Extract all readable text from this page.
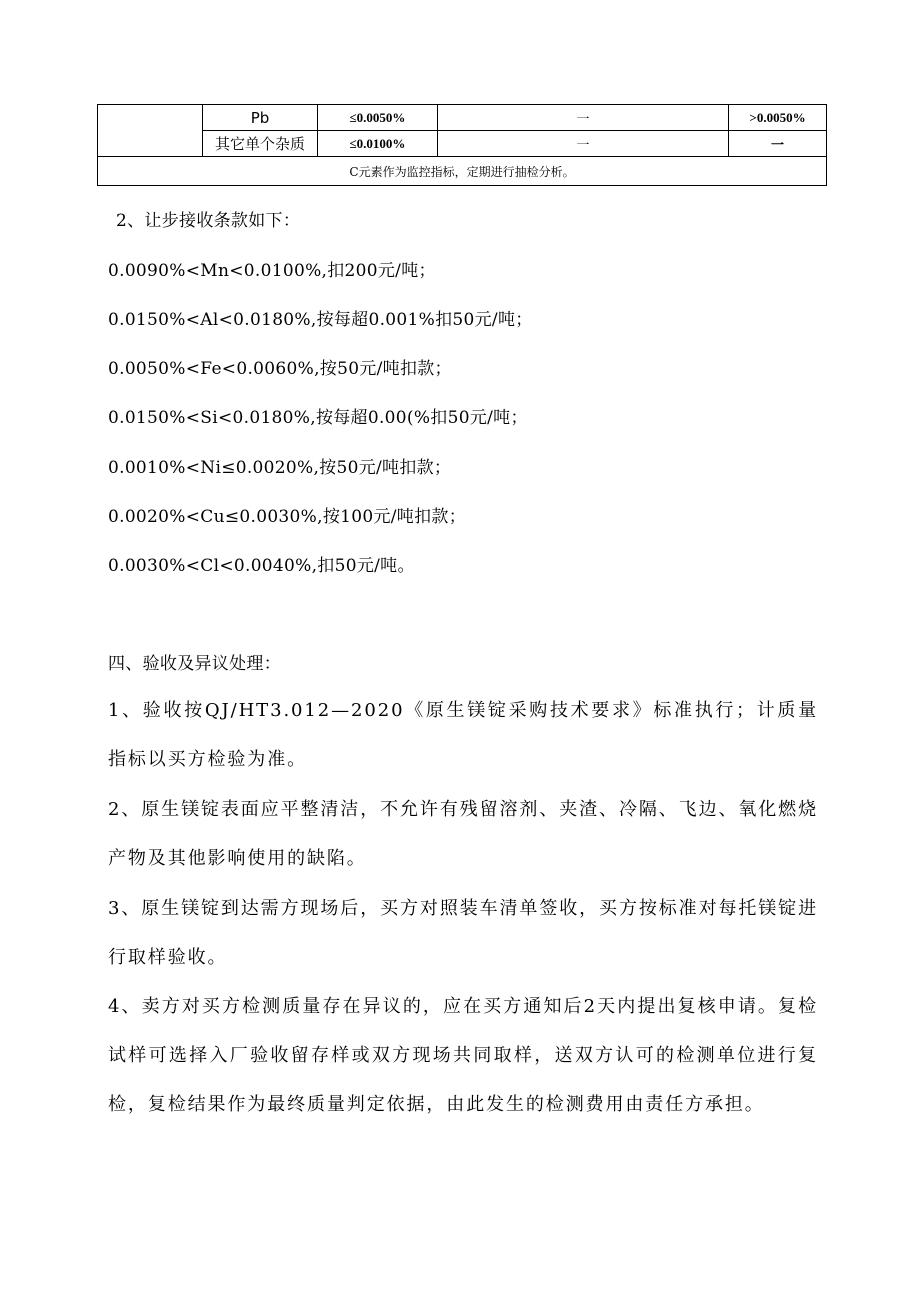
	Pb	≤0.0050%	一	>0.0050%
	其它单个杂质	≤0.0100%	一	一
C元素作为监控指标，定期进行抽检分析。				
2、让步接收条款如下：
0.0090%<Mn<0.0100%,扣200元/吨；
0.0150%<Al<0.0180%,按每超0.001%扣50元/吨；
0.0050%<Fe<0.0060%,按50元/吨扣款；
0.0150%<Si<0.0180%,按每超0.00(%扣50元/吨；
0.0010%<Ni≤0.0020%,按50元/吨扣款；
0.0020%<Cu≤0.0030%,按100元/吨扣款；
0.0030%<Cl<0.0040%,扣50元/吨。
四、验收及异议处理：
1、验收按QJ/HT3.012—2020《原生镁锭采购技术要求》标准执行；计质量指标以买方检验为准。
2、原生镁锭表面应平整清洁，不允许有残留溶剂、夹渣、冷隔、飞边、氧化燃烧产物及其他影响使用的缺陷。
3、原生镁锭到达需方现场后，买方对照装车清单签收，买方按标准对每托镁锭进行取样验收。
4、卖方对买方检测质量存在异议的，应在买方通知后2天内提出复核申请。复检试样可选择入厂验收留存样或双方现场共同取样，送双方认可的检测单位进行复检，复检结果作为最终质量判定依据，由此发生的检测费用由责任方承担。
